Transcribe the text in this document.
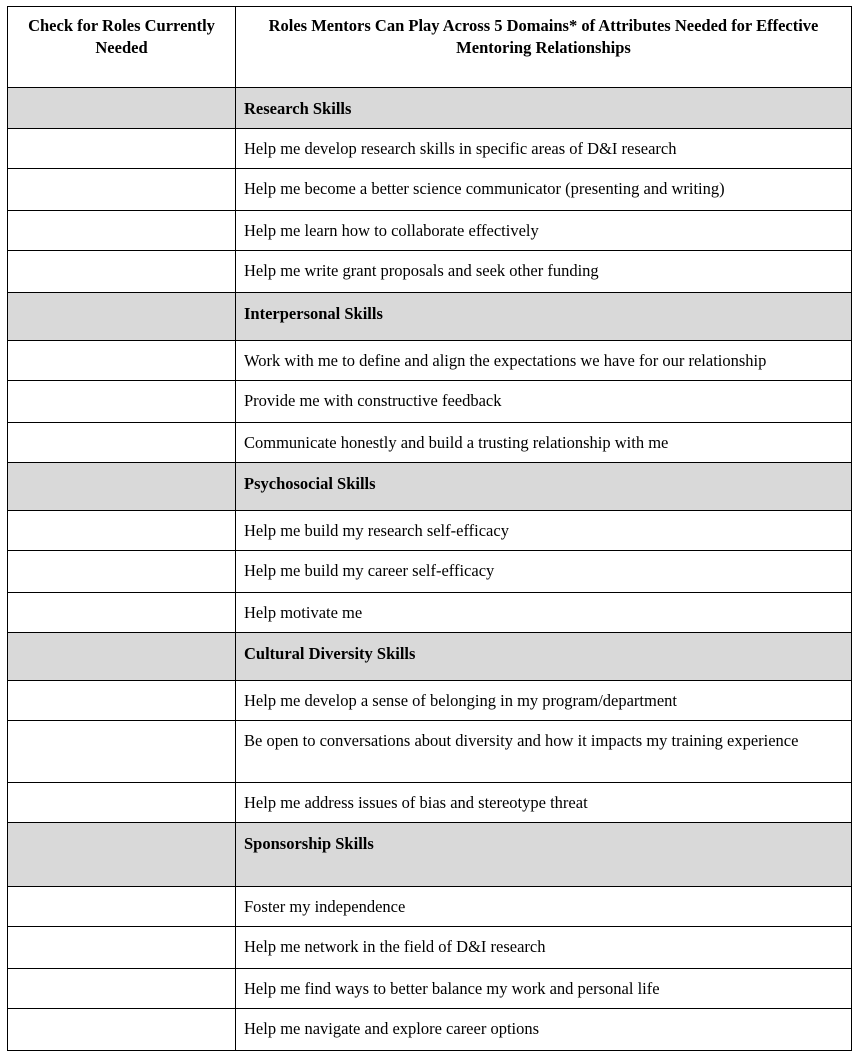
Check for Roles Currently Needed	Roles Mentors Can Play Across 5 Domains* of Attributes Needed for Effective Mentoring Relationships
	Research Skills
	Help me develop research skills in specific areas of D&I research
	Help me become a better science communicator (presenting and writing)
	Help me learn how to collaborate effectively
	Help me write grant proposals and seek other funding
	Interpersonal Skills
	Work with me to define and align the expectations we have for our relationship
	Provide me with constructive feedback
	Communicate honestly and build a trusting relationship with me
	Psychosocial Skills
	Help me build my research self-efficacy
	Help me build my career self-efficacy
	Help motivate me
	Cultural Diversity Skills
	Help me develop a sense of belonging in my program/department
	Be open to conversations about diversity and how it impacts my training experience
	Help me address issues of bias and stereotype threat
	Sponsorship Skills
	Foster my independence
	Help me network in the field of D&I research
	Help me find ways to better balance my work and personal life
	Help me navigate and explore career options
